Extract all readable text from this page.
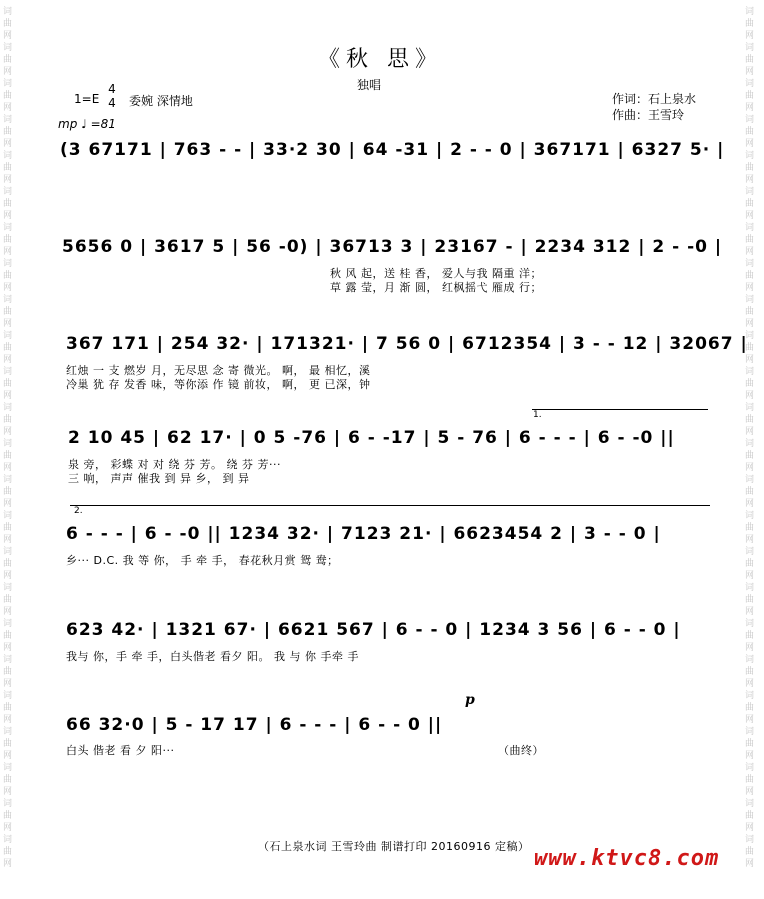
词
曲
网
词
曲
网
词
曲
网
词
曲
网
词
曲
网
词
曲
网
词
曲
网
词
曲
网
词
曲
网
词
曲
网
词
曲
网
词
曲
网
词
曲
网
词
曲
网
词
曲
网
词
曲
网
词
曲
网
词
曲
网
词
曲
网
词
曲
网
词
曲
网
词
曲
网
词
曲
网
词
曲
网
词
曲
网
词
曲
网
词
曲
网
词
曲
网
词
曲
网
词
曲
网
词
曲
网
词
曲
网
词
曲
网
词
曲
网
词
曲
网
词
曲
网
词
曲
网
词
曲
网
词
曲
网
词
曲
网
词
曲
网
词
曲
网
词
曲
网
词
曲
网
词
曲
网
词
曲
网
词
曲
网
词
曲
网
《秋 思》
独唱
1=E
4
4 委婉 深情地
mp ♩ =81
作词：石上泉水
作曲：王雪玲
(3 67171 | 763 - - | 33·2 30 | 64 -31 | 2 - - 0 | 367171 | 6327 5· |
5656 0 | 3617 5 | 56 -0) | 36713 3 | 23167 - | 2234 312 | 2 - -0 |
秋 风 起，送 桂 香， 爱人与我 隔重 洋；
草 露 莹，月 渐 圆， 红枫摇弋 雁成 行；
367 171 | 254 32· | 171321· | 7 56 0 | 6712354 | 3 - - 12 | 32067 |
红烛 一 支 燃岁 月，无尽思 念 寄 微光。 啊， 最 相忆，溪
冷巢 犹 存 发香 味，等你添 作 镜 前妆， 啊， 更 已深，钟
1.
2 10 45 | 62 17· | 0 5 -76 | 6 - -17 | 5 - 76 | 6 - - - | 6 - -0 ||
泉 旁， 彩蝶 对 对 绕 芬 芳。 绕 芬 芳···
三 响， 声声 催我 到 异 乡， 到 异
2.
6 - - - | 6 - -0 || 1234 32· | 7123 21· | 6623454 2 | 3 - - 0 |
乡··· D.C. 我 等 你， 手 牵 手， 春花秋月赏 鸳 鸯；
623 42· | 1321 67· | 6621 567 | 6 - - 0 | 1234 3 56 | 6 - - 0 |
我与 你，手 牵 手，白头偕老 看夕 阳。 我 与 你 手牵 手
p
66 32·0 | 5 - 17 17 | 6 - - - | 6 - - 0 ||
白头 偕老 看 夕 阳···	（曲终）
（石上泉水词 王雪玲曲 制谱打印 20160916 定稿） www.ktvc8.com
